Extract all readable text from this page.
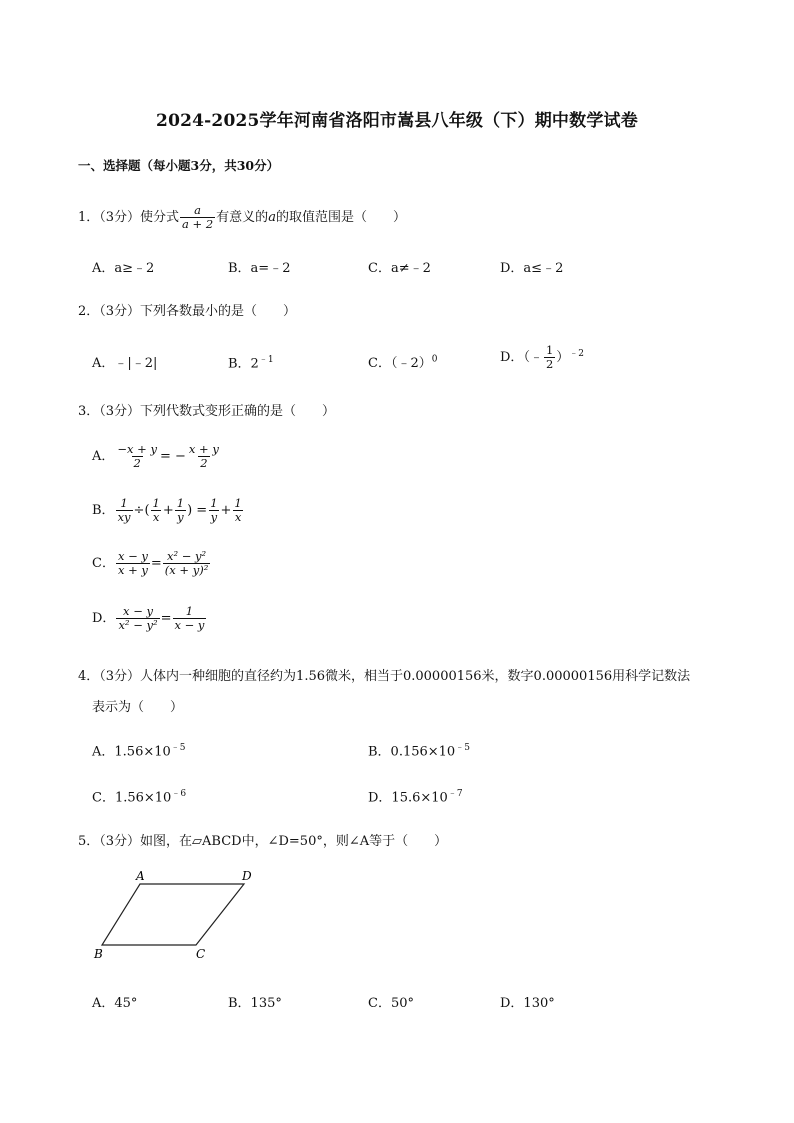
2024-2025学年河南省洛阳市嵩县八年级（下）期中数学试卷
一、选择题（每小题3分，共30分）
1．（3分）使分式 $\frac{a}{a + 2}$ 有意义的a的取值范围是（　　）
A．a≥﹣2	B．a=﹣2	C．a≠﹣2	D．a≤﹣2
2．（3分）下列各数最小的是（　　）
A．﹣|﹣2|	B．$2^{﹣1}$	C．（﹣2）$^0$	D．（﹣ $\frac{1}{2} )^{﹣2}$
3．（3分）下列代数式变形正确的是（　　）
A． $\frac{-x + y}{2}$ = − $\frac{x + y}{2}$
B． $\frac{1}{xy}$ ÷( $\frac{1}{x} + \frac{1}{y}$ ) = $\frac{1}{y} + \frac{1}{x}$
C． $\frac{x - y}{x + y} = \frac{\text{x² − y²}}{\text{(x + y)²}}$
D． $\frac{x - y}{\text{x² − y²}} = \frac{1}{x - y}$
4．（3分）人体内一种细胞的直径约为1.56微米，相当于0.00000156米，数字0.00000156用科学记数法
表示为（　　）
A．$1.56\times 10^{﹣5}$	B．$0.156\times 10^{﹣5}$
C．$1.56\times 10^{﹣6}$	D．$15.6\times 10^{﹣7}$
5．（3分）如图，在▱ABCD中，∠D=50°，则∠A等于（　　）
A	D
B	C
A．45°	B．135°	C．50°	D．130°
